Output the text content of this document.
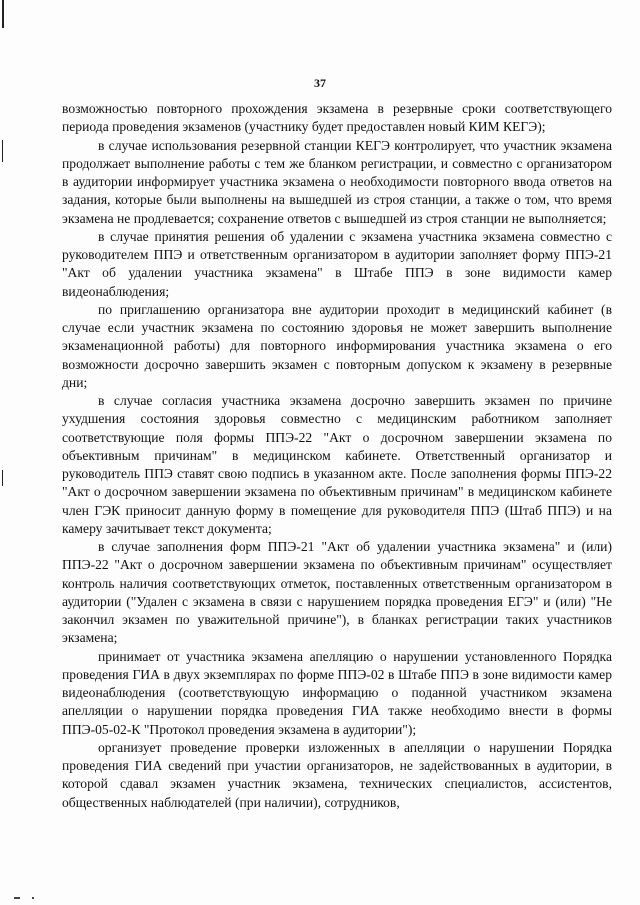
37

возможностью повторного прохождения экзамена в резервные сроки соответствующего периода проведения экзаменов (участнику будет предоставлен новый КИМ КЕГЭ);

в случае использования резервной станции КЕГЭ контролирует, что участник экзамена продолжает выполнение работы с тем же бланком регистрации, и совместно с организатором в аудитории информирует участника экзамена о необходимости повторного ввода ответов на задания, которые были выполнены на вышедшей из строя станции, а также о том, что время экзамена не продлевается; сохранение ответов с вышедшей из строя станции не выполняется;

в случае принятия решения об удалении с экзамена участника экзамена совместно с руководителем ППЭ и ответственным организатором в аудитории заполняет форму ППЭ-21 "Акт об удалении участника экзамена" в Штабе ППЭ в зоне видимости камер видеонаблюдения;

по приглашению организатора вне аудитории проходит в медицинский кабинет (в случае если участник экзамена по состоянию здоровья не может завершить выполнение экзаменационной работы) для повторного информирования участника экзамена о его возможности досрочно завершить экзамен с повторным допуском к экзамену в резервные дни;

в случае согласия участника экзамена досрочно завершить экзамен по причине ухудшения состояния здоровья совместно с медицинским работником заполняет соответствующие поля формы ППЭ-22 "Акт о досрочном завершении экзамена по объективным причинам" в медицинском кабинете. Ответственный организатор и руководитель ППЭ ставят свою подпись в указанном акте. После заполнения формы ППЭ-22 "Акт о досрочном завершении экзамена по объективным причинам" в медицинском кабинете член ГЭК приносит данную форму в помещение для руководителя ППЭ (Штаб ППЭ) и на камеру зачитывает текст документа;

в случае заполнения форм ППЭ-21 "Акт об удалении участника экзамена" и (или) ППЭ-22 "Акт о досрочном завершении экзамена по объективным причинам" осуществляет контроль наличия соответствующих отметок, поставленных ответственным организатором в аудитории ("Удален с экзамена в связи с нарушением порядка проведения ЕГЭ" и (или) "Не закончил экзамен по уважительной причине"), в бланках регистрации таких участников экзамена;

принимает от участника экзамена апелляцию о нарушении установленного Порядка проведения ГИА в двух экземплярах по форме ППЭ-02 в Штабе ППЭ в зоне видимости камер видеонаблюдения (соответствующую информацию о поданной участником экзамена апелляции о нарушении порядка проведения ГИА также необходимо внести в формы ППЭ-05-02-К "Протокол проведения экзамена в аудитории");

организует проведение проверки изложенных в апелляции о нарушении Порядка проведения ГИА сведений при участии организаторов, не задействованных в аудитории, в которой сдавал экзамен участник экзамена, технических специалистов, ассистентов, общественных наблюдателей (при наличии), сотрудников,
